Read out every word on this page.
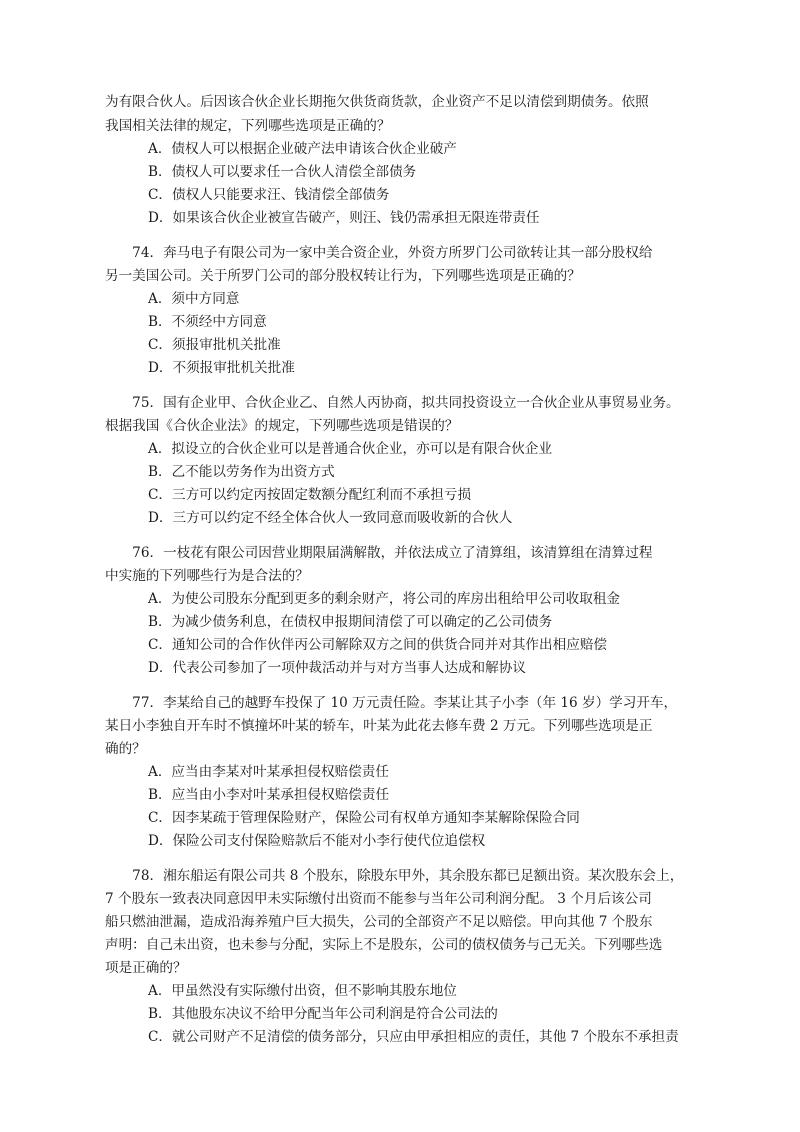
为有限合伙人。后因该合伙企业长期拖欠供货商货款，企业资产不足以清偿到期债务。依照
我国相关法律的规定，下列哪些选项是正确的？
A．债权人可以根据企业破产法申请该合伙企业破产
B．债权人可以要求任一合伙人清偿全部债务
C．债权人只能要求汪、钱清偿全部债务
D．如果该合伙企业被宣告破产，则汪、钱仍需承担无限连带责任
　　74．奔马电子有限公司为一家中美合资企业，外资方所罗门公司欲转让其一部分股权给
另一美国公司。关于所罗门公司的部分股权转让行为，下列哪些选项是正确的？
A．须中方同意
B．不须经中方同意
C．须报审批机关批准
D．不须报审批机关批准
　　75．国有企业甲、合伙企业乙、自然人丙协商，拟共同投资设立一合伙企业从事贸易业务。
根据我国《合伙企业法》的规定，下列哪些选项是错误的？
A．拟设立的合伙企业可以是普通合伙企业，亦可以是有限合伙企业
B．乙不能以劳务作为出资方式
C．三方可以约定丙按固定数额分配红利而不承担亏损
D．三方可以约定不经全体合伙人一致同意而吸收新的合伙人
　　76．一枝花有限公司因营业期限届满解散，并依法成立了清算组，该清算组在清算过程
中实施的下列哪些行为是合法的？
A．为使公司股东分配到更多的剩余财产，将公司的库房出租给甲公司收取租金
B．为减少债务利息，在债权申报期间清偿了可以确定的乙公司债务
C．通知公司的合作伙伴丙公司解除双方之间的供货合同并对其作出相应赔偿
D．代表公司参加了一项仲裁活动并与对方当事人达成和解协议
　　77．李某给自己的越野车投保了 10 万元责任险。李某让其子小李（年 16 岁）学习开车，
某日小李独自开车时不慎撞坏叶某的轿车，叶某为此花去修车费 2 万元。下列哪些选项是正
确的？
A．应当由李某对叶某承担侵权赔偿责任
B．应当由小李对叶某承担侵权赔偿责任
C．因李某疏于管理保险财产，保险公司有权单方通知李某解除保险合同
D．保险公司支付保险赔款后不能对小李行使代位追偿权
　　78．湘东船运有限公司共 8 个股东，除股东甲外，其余股东都已足额出资。某次股东会上，
7 个股东一致表决同意因甲未实际缴付出资而不能参与当年公司利润分配。 3 个月后该公司
船只燃油泄漏，造成沿海养殖户巨大损失，公司的全部资产不足以赔偿。甲向其他 7 个股东
声明：自己未出资，也未参与分配，实际上不是股东，公司的债权债务与己无关。下列哪些选
项是正确的？
A．甲虽然没有实际缴付出资，但不影响其股东地位
B．其他股东决议不给甲分配当年公司利润是符合公司法的
C．就公司财产不足清偿的债务部分，只应由甲承担相应的责任，其他 7 个股东不承担责
